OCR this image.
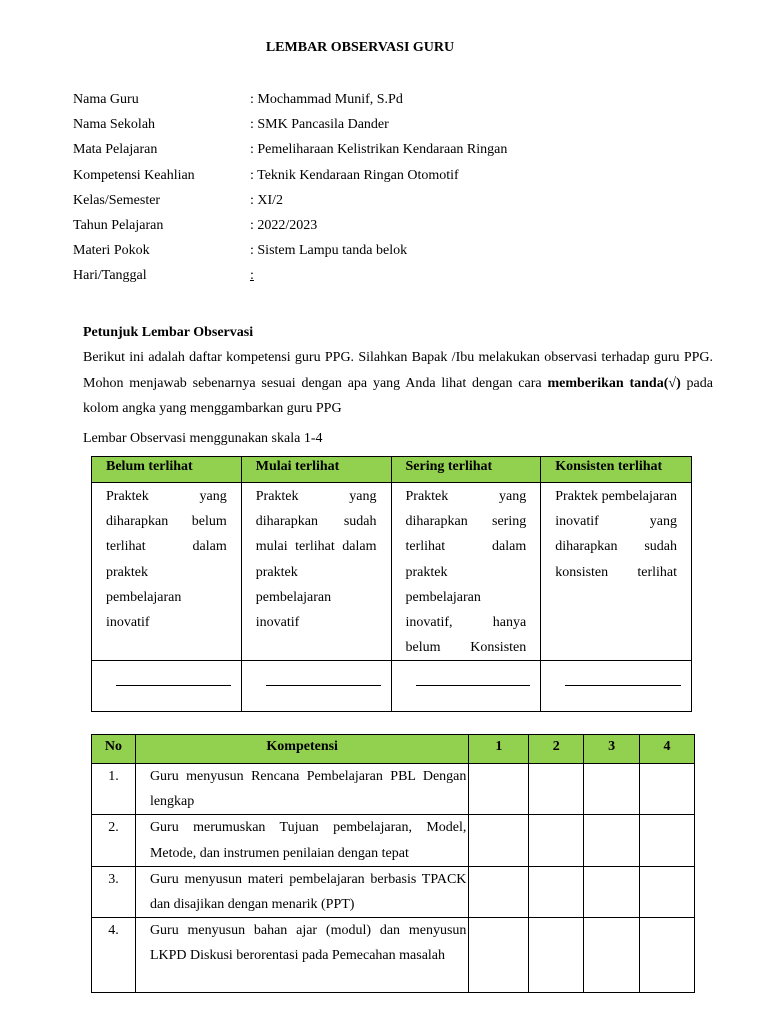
LEMBAR OBSERVASI GURU
Nama Guru	: Mochammad Munif, S.Pd
Nama Sekolah	: SMK Pancasila Dander
Mata Pelajaran	: Pemeliharaan Kelistrikan Kendaraan Ringan
Kompetensi Keahlian	: Teknik Kendaraan Ringan Otomotif
Kelas/Semester	: XI/2
Tahun Pelajaran	: 2022/2023
Materi Pokok	: Sistem Lampu tanda belok
Hari/Tanggal	:
Petunjuk Lembar Observasi

Berikut ini adalah daftar kompetensi guru PPG. Silahkan Bapak /Ibu melakukan observasi terhadap guru PPG. Mohon menjawab sebenarnya sesuai dengan apa yang Anda lihat dengan cara memberikan tanda(√) pada kolom angka yang menggambarkan guru PPG

Lembar Observasi menggunakan skala 1-4
Belum terlihat	Mulai terlihat	Sering terlihat	Konsisten terlihat
Praktek yang diharapkan belum terlihat dalam praktek pembelajaran inovatif	Praktek yang diharapkan sudah mulai terlihat dalam praktek pembelajaran inovatif	Praktek yang diharapkan sering terlihat dalam praktek pembelajaran inovatif, hanya belum Konsisten	Praktek pembelajaran inovatif yang diharapkan sudah konsisten terlihat

No	Kompetensi	1	2	3	4
1.	Guru menyusun Rencana Pembelajaran PBL Dengan lengkap				
2.	Guru merumuskan Tujuan pembelajaran, Model, Metode, dan instrumen penilaian dengan tepat				
3.	Guru menyusun materi pembelajaran berbasis TPACK dan disajikan dengan menarik (PPT)				
4.	Guru menyusun bahan ajar (modul) dan menyusun LKPD Diskusi berorentasi pada Pemecahan masalah				
